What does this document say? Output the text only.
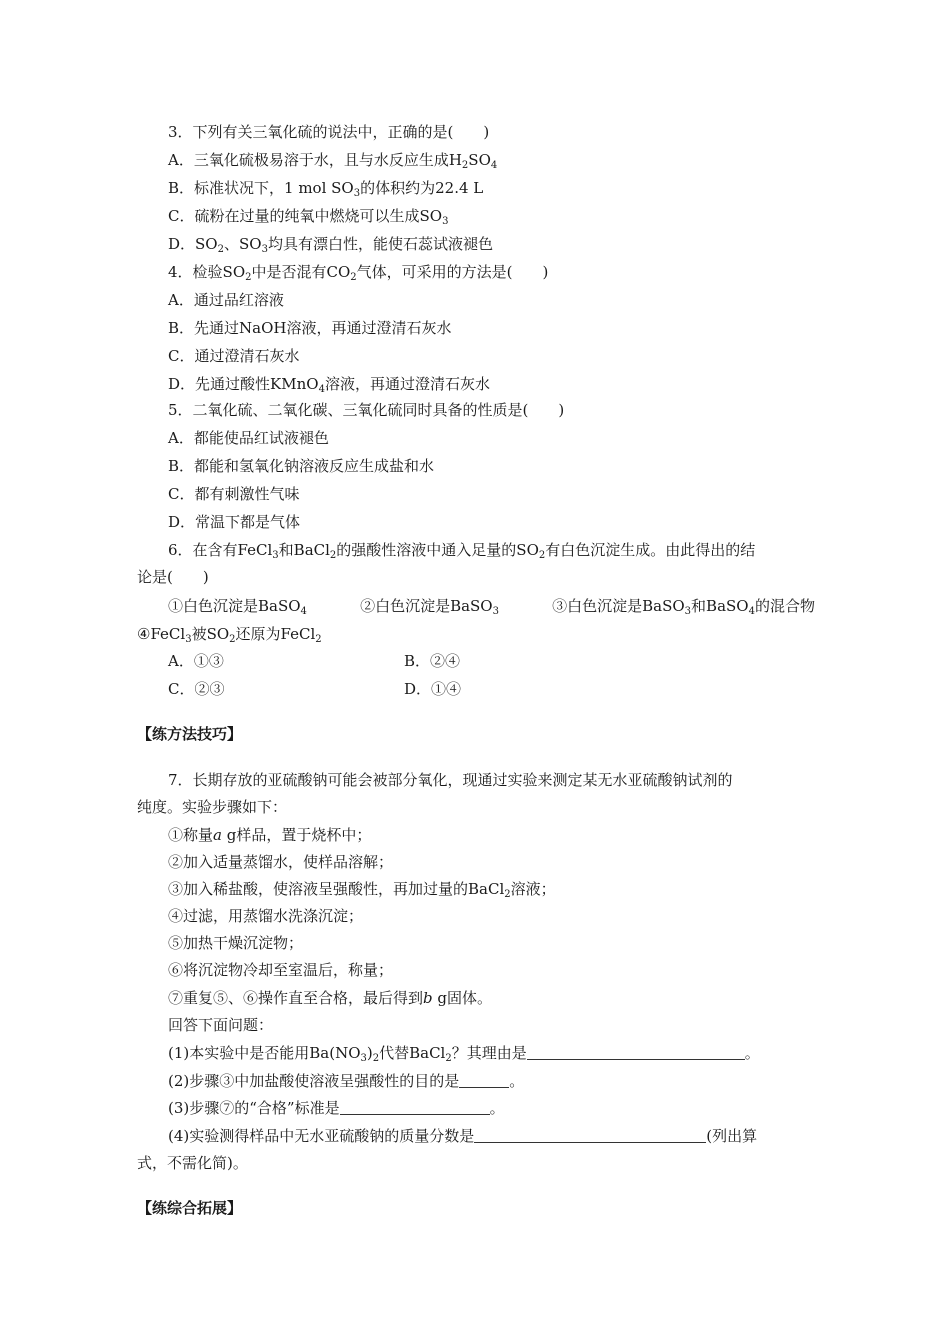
3．下列有关三氧化硫的说法中，正确的是(　　)
A．三氧化硫极易溶于水，且与水反应生成$H_2SO_4$
B．标准状况下，1 mol $SO_3$的体积约为22.4 L
C．硫粉在过量的纯氧中燃烧可以生成$SO_3$
D．$SO_2$、$SO_3$均具有漂白性，能使石蕊试液褪色
4．检验$SO_2$中是否混有$CO_2$气体，可采用的方法是(　　)
A．通过品红溶液
B．先通过NaOH溶液，再通过澄清石灰水
C．通过澄清石灰水
D．先通过酸性KMnO$_4$溶液，再通过澄清石灰水
5．二氧化硫、二氧化碳、三氧化硫同时具备的性质是(　　)
A．都能使品红试液褪色
B．都能和氢氧化钠溶液反应生成盐和水
C．都有刺激性气味
D．常温下都是气体
6．在含有FeCl$_3$和BaCl$_2$的强酸性溶液中通入足量的$SO_2$有白色沉淀生成。由此得出的结
论是(　　)
①白色沉淀是BaSO$_4$	②白色沉淀是BaSO$_3$	③白色沉淀是BaSO$_3$和BaSO$_4$的混合物
④FeCl$_3$被$SO_2$还原为FeCl$_2$
A．①③	B．②④
C．②③	D．①④
【练方法技巧】
7．长期存放的亚硫酸钠可能会被部分氧化，现通过实验来测定某无水亚硫酸钠试剂的
纯度。实验步骤如下：
①称量a g样品，置于烧杯中；
②加入适量蒸馏水，使样品溶解；
③加入稀盐酸，使溶液呈强酸性，再加过量的BaCl$_2$溶液；
④过滤，用蒸馏水洗涤沉淀；
⑤加热干燥沉淀物；
⑥将沉淀物冷却至室温后，称量；
⑦重复⑤、⑥操作直至合格，最后得到b g固体。
回答下面问题：
(1)本实验中是否能用$Ba(NO_3)_2$代替BaCl$_2$？其理由是	。
(2)步骤③中加盐酸使溶液呈强酸性的目的是	。
(3)步骤⑦的“合格”标准是	。
(4)实验测得样品中无水亚硫酸钠的质量分数是	(列出算
式，不需化简)。
【练综合拓展】
